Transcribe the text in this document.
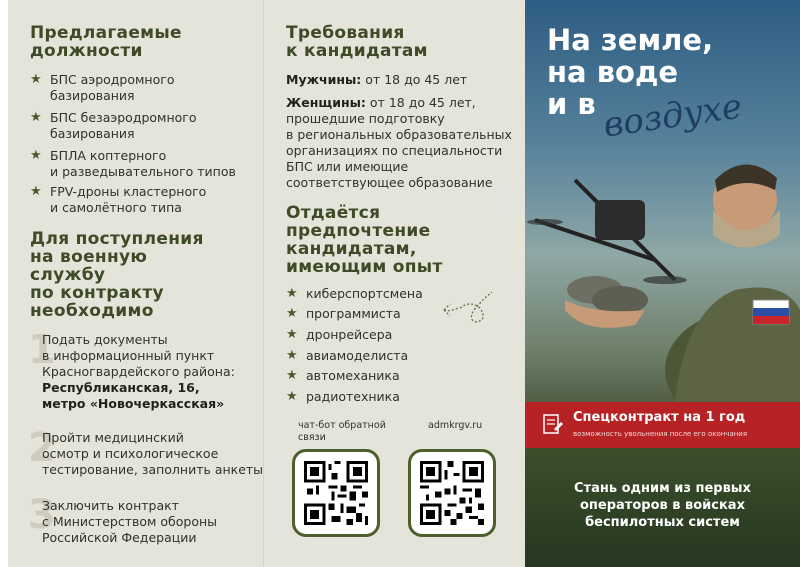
Предлагаемые
должности
★ БПС аэродромного
базирования
★ БПС безаэродромного
базирования
★ БПЛА коптерного
и разведывательного типов
★ FPV-дроны кластерного
и самолётного типа
Для поступления
на военную
службу
по контракту
необходимо
1
Подать документы
в информационный пункт
Красногвардейского района:
Республиканская, 16,
метро «Новочеркасская»
2
Пройти медицинский
осмотр и психологическое
тестирование, заполнить анкеты
3
Заключить контракт
с Министерством обороны
Российской Федерации
Требования
к кандидатам
Мужчины: от 18 до 45 лет
Женщины: от 18 до 45 лет,
прошедшие подготовку
в региональных образовательных
организациях по специальности
БПС или имеющие
соответствующее образование
Отдаётся
предпочтение
кандидатам,
имеющим опыт
★ киберспортсмена
★ программиста
★ дронрейсера
★ авиамоделиста
★ автомеханика
★ радиотехника
чат-бот обратной
связи
admkrgv.ru
На земле,
на воде
и в воздухе
Стань одним из первых
операторов в войсках
беспилотных систем
Спецконтракт на 1 год
возможность увольнения после его окончания
